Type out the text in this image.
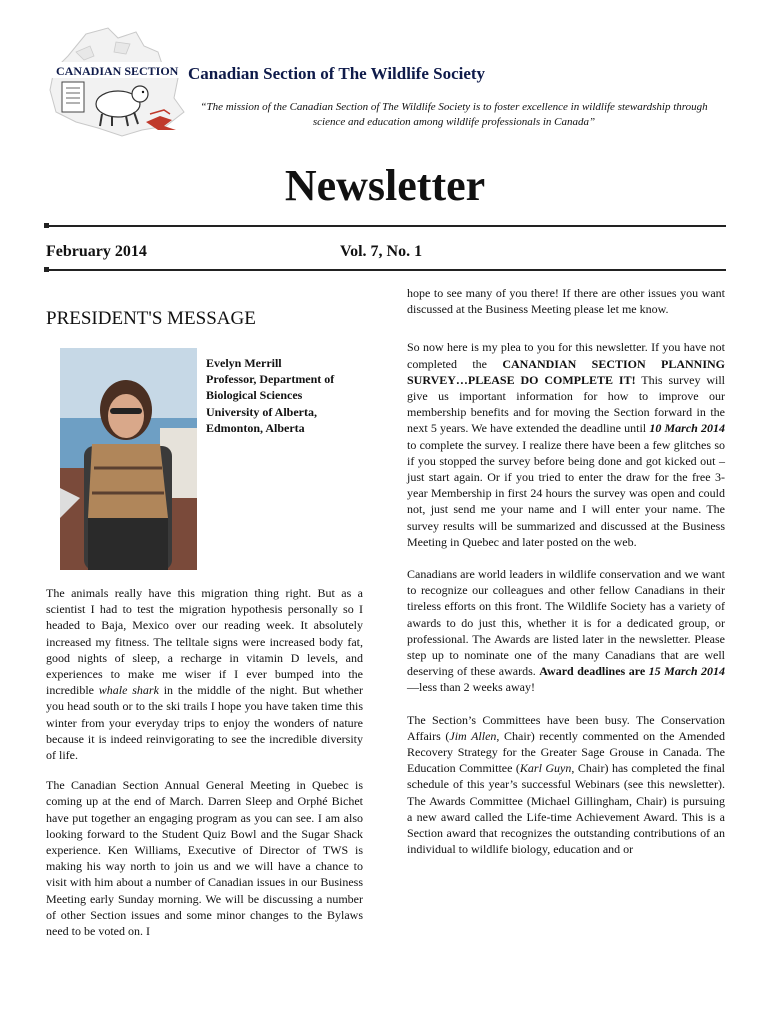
CANADIAN SECTION Canadian Section of The Wildlife Society
“The mission of the Canadian Section of The Wildlife Society is to foster excellence in wildlife stewardship through science and education among wildlife professionals in Canada”
Newsletter
February 2014	Vol. 7, No. 1
PRESIDENT'S MESSAGE
Evelyn Merrill
Professor, Department of
Biological Sciences
University of Alberta,
Edmonton, Alberta

The animals really have this migration thing right. But as a scientist I had to test the migration hypothesis personally so I headed to Baja, Mexico over our reading week. It absolutely increased my fitness. The telltale signs were increased body fat, good nights of sleep, a recharge in vitamin D levels, and experiences to make me wiser if I ever bumped into the incredible whale shark in the middle of the night. But whether you head south or to the ski trails I hope you have taken time this winter from your everyday trips to enjoy the wonders of nature because it is indeed reinvigorating to see the incredible diversity of life.

The Canadian Section Annual General Meeting in Quebec is coming up at the end of March. Darren Sleep and Orphé Bichet have put together an engaging program as you can see. I am also looking forward to the Student Quiz Bowl and the Sugar Shack experience. Ken Williams, Executive of Director of TWS is making his way north to join us and we will have a chance to visit with him about a number of Canadian issues in our Business Meeting early Sunday morning. We will be discussing a number of other Section issues and some minor changes to the Bylaws need to be voted on. I

hope to see many of you there! If there are other issues you want discussed at the Business Meeting please let me know.

So now here is my plea to you for this newsletter. If you have not completed the CANANDIAN SECTION PLANNING SURVEY…PLEASE DO COMPLETE IT! This survey will give us important information for how to improve our membership benefits and for moving the Section forward in the next 5 years. We have extended the deadline until 10 March 2014 to complete the survey. I realize there have been a few glitches so if you stopped the survey before being done and got kicked out – just start again. Or if you tried to enter the draw for the free 3-year Membership in first 24 hours the survey was open and could not, just send me your name and I will enter your name. The survey results will be summarized and discussed at the Business Meeting in Quebec and later posted on the web.

Canadians are world leaders in wildlife conservation and we want to recognize our colleagues and other fellow Canadians in their tireless efforts on this front. The Wildlife Society has a variety of awards to do just this, whether it is for a dedicated group, or professional. The Awards are listed later in the newsletter. Please step up to nominate one of the many Canadians that are well deserving of these awards. Award deadlines are 15 March 2014—less than 2 weeks away!

The Section’s Committees have been busy. The Conservation Affairs (Jim Allen, Chair) recently commented on the Amended Recovery Strategy for the Greater Sage Grouse in Canada. The Education Committee (Karl Guyn, Chair) has completed the final schedule of this year’s successful Webinars (see this newsletter). The Awards Committee (Michael Gillingham, Chair) is pursuing a new award called the Life-time Achievement Award. This is a Section award that recognizes the outstanding contributions of an individual to wildlife biology, education and or
